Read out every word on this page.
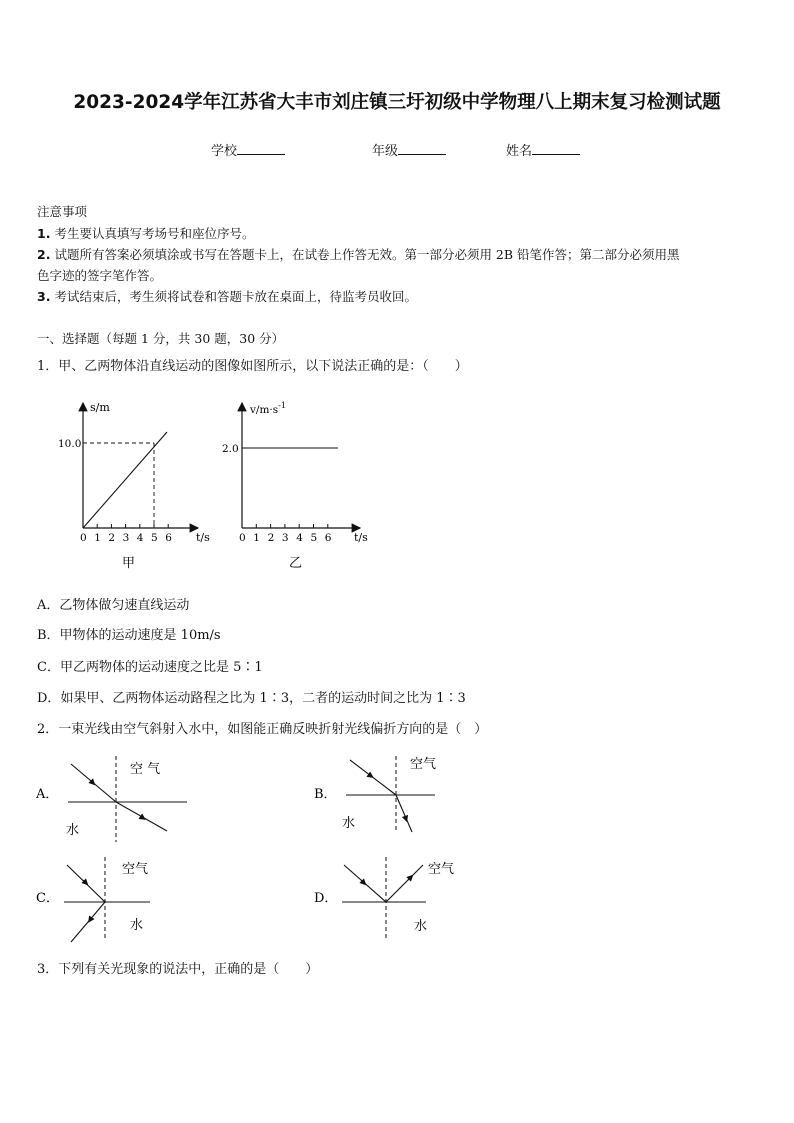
2023-2024学年江苏省大丰市刘庄镇三圩初级中学物理八上期末复习检测试题
学校	年级	姓名
注意事项
1. 考生要认真填写考场号和座位序号。
2. 试题所有答案必须填涂或书写在答题卡上，在试卷上作答无效。第一部分必须用 2B 铅笔作答；第二部分必须用黑
色字迹的签字笔作答。
3. 考试结束后，考生须将试卷和答题卡放在桌面上，待监考员收回。
一、选择题（每题 1 分，共 30 题，30 分）
1．甲、乙两物体沿直线运动的图像如图所示，以下说法正确的是：（　　）
0 1 2 3 4 5 6
s/m
10.0
t/s
甲
0 1 2 3 4 5 6
$v/m\cdot s^{-1}$
2.0
t/s
乙
A．乙物体做匀速直线运动
B．甲物体的运动速度是 10m/s
C．甲乙两物体的运动速度之比是 5∶1
D．如果甲、乙两物体运动路程之比为 1∶3，二者的运动时间之比为 1∶3
2．一束光线由空气斜射入水中，如图能正确反映折射光线偏折方向的是（　）
A．
空 气
水
B．
空气
水
C．
空气
水
D．
空气
水
3．下列有关光现象的说法中，正确的是（　　）
